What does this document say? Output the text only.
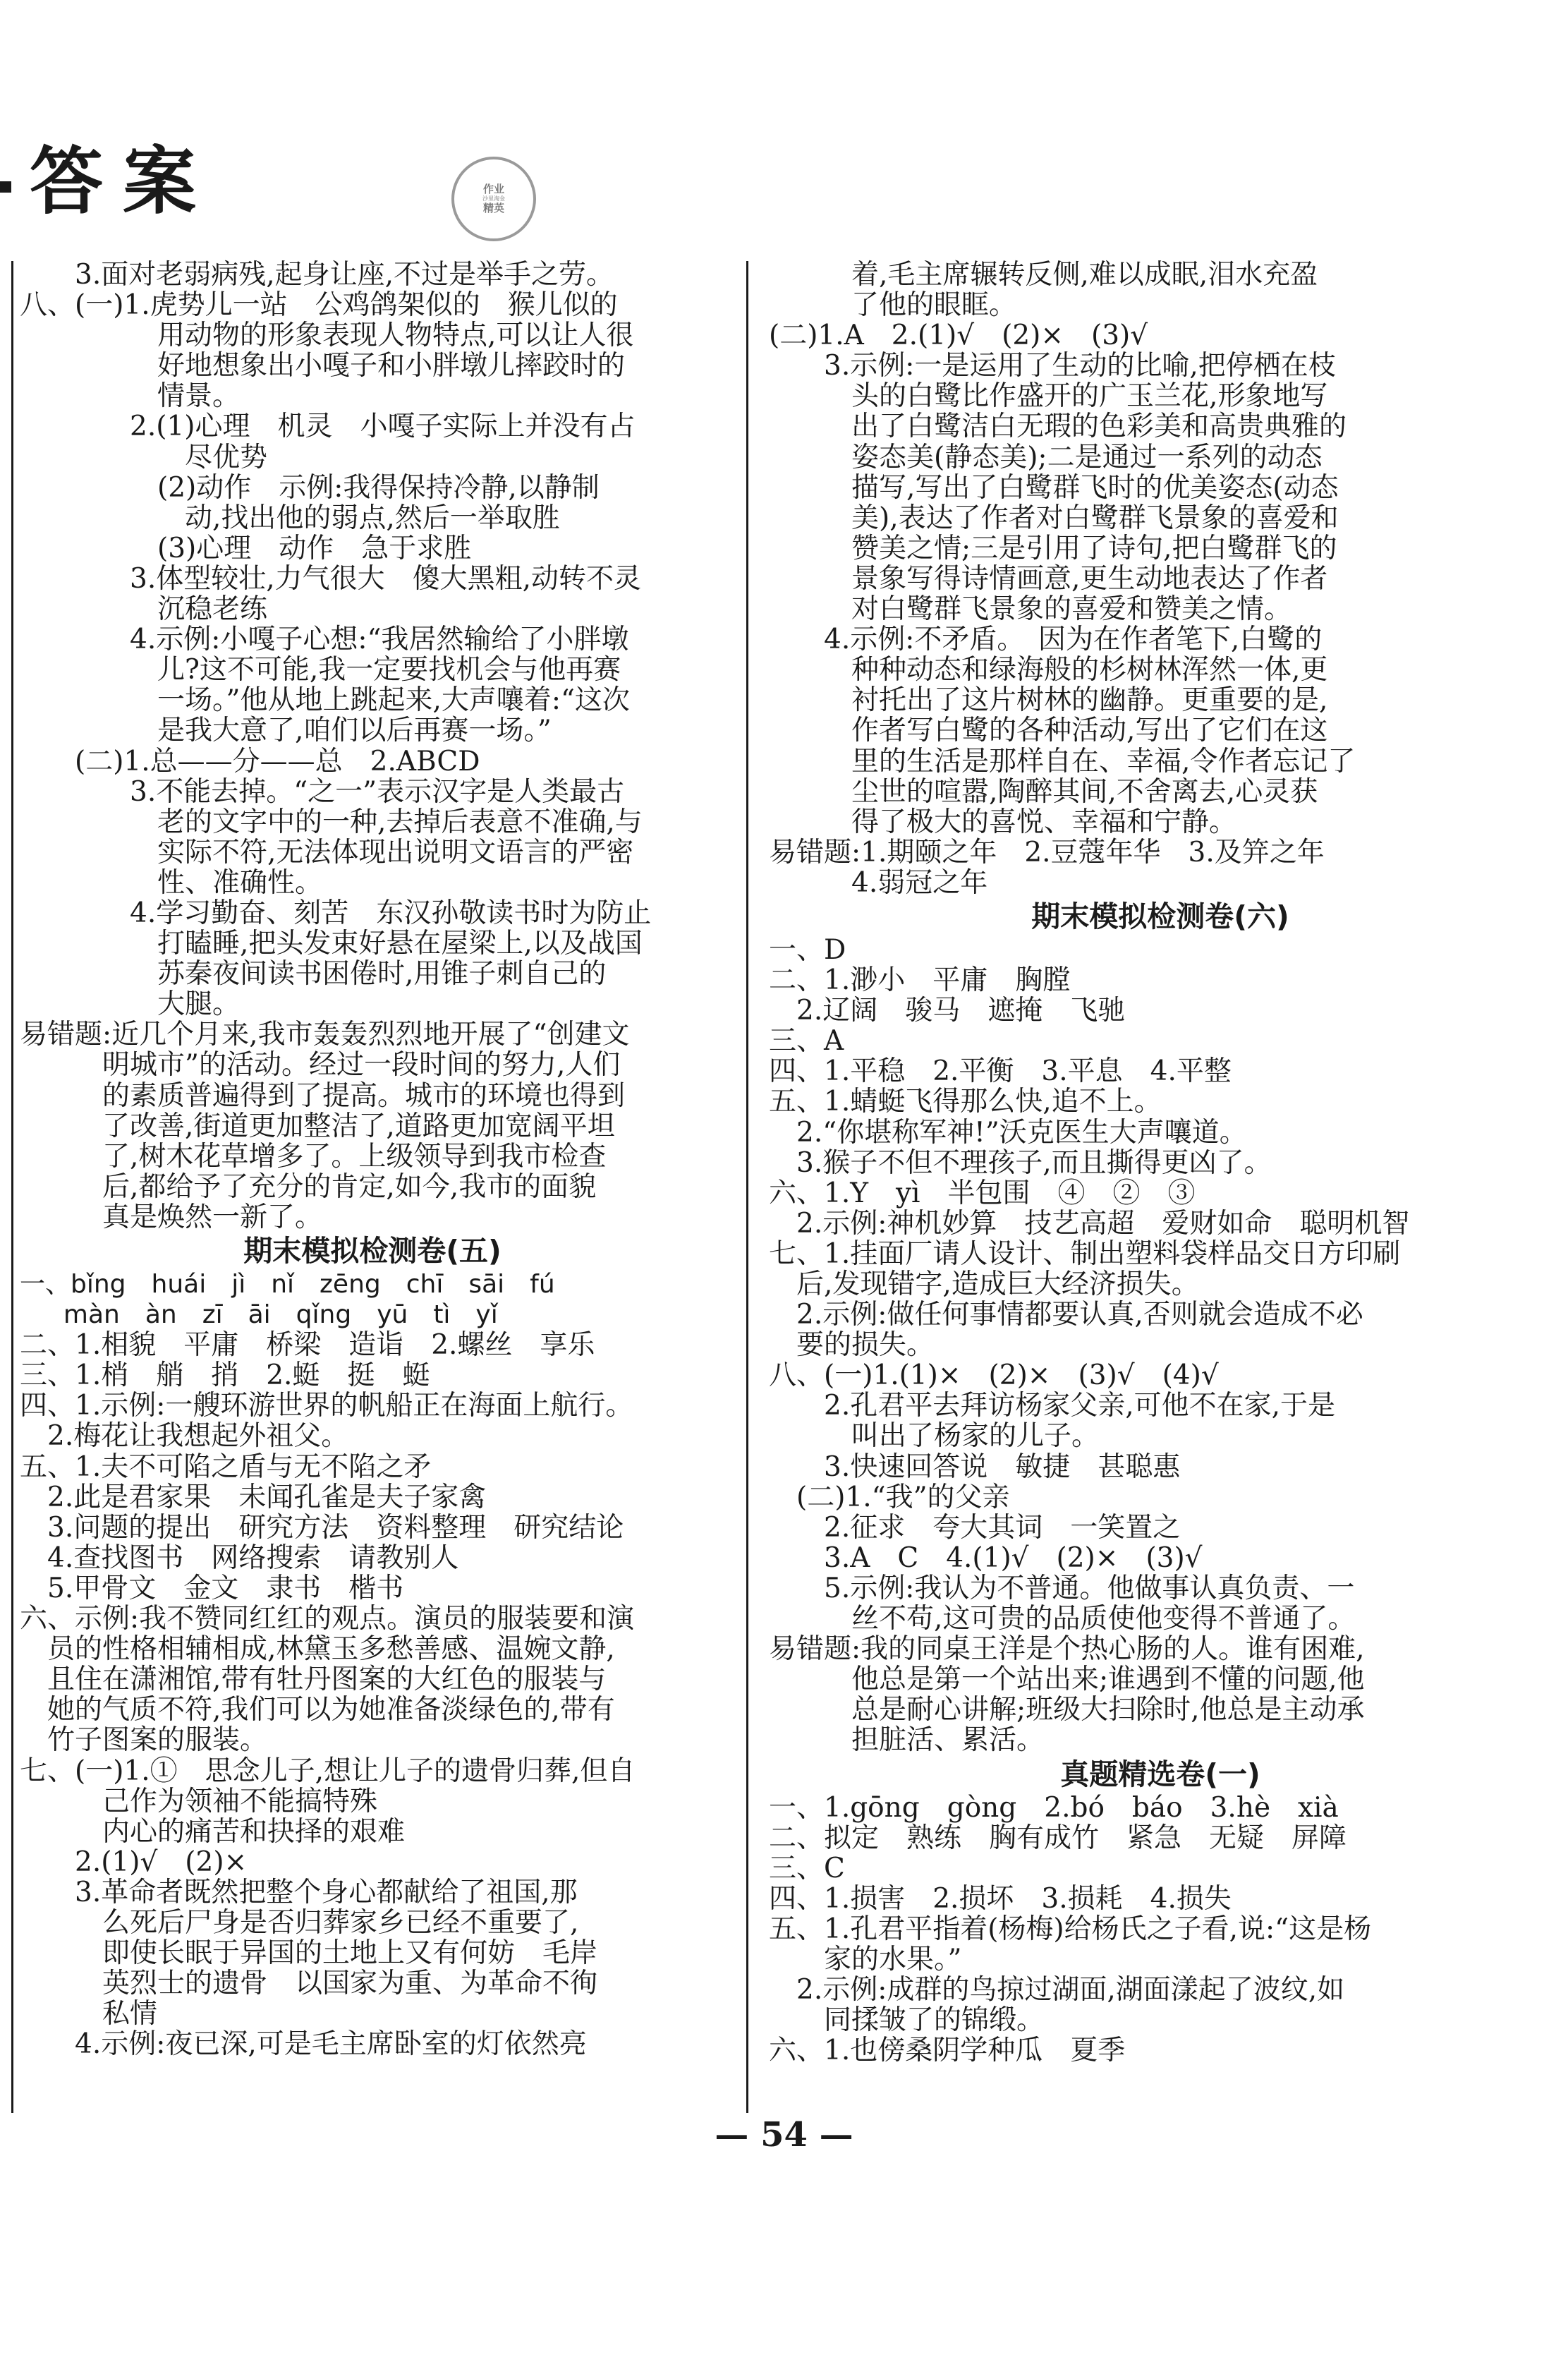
答案	作业
沙里淘金
精英
3.面对老弱病残,起身让座,不过是举手之劳。
八、(一)1.虎势儿一站　公鸡鸽架似的　猴儿似的
用动物的形象表现人物特点,可以让人很
好地想象出小嘎子和小胖墩儿摔跤时的
情景。
2.(1)心理　机灵　小嘎子实际上并没有占
尽优势
(2)动作　示例:我得保持冷静,以静制
动,找出他的弱点,然后一举取胜
(3)心理　动作　急于求胜
3.体型较壮,力气很大　傻大黑粗,动转不灵
沉稳老练
4.示例:小嘎子心想:“我居然输给了小胖墩
儿?这不可能,我一定要找机会与他再赛
一场。”他从地上跳起来,大声嚷着:“这次
是我大意了,咱们以后再赛一场。”
(二)1.总——分——总　2.ABCD
3.不能去掉。“之一”表示汉字是人类最古
老的文字中的一种,去掉后表意不准确,与
实际不符,无法体现出说明文语言的严密
性、准确性。
4.学习勤奋、刻苦　东汉孙敬读书时为防止
打瞌睡,把头发束好悬在屋梁上,以及战国
苏秦夜间读书困倦时,用锥子刺自己的
大腿。
易错题:近几个月来,我市轰轰烈烈地开展了“创建文
明城市”的活动。经过一段时间的努力,人们
的素质普遍得到了提高。城市的环境也得到
了改善,街道更加整洁了,道路更加宽阔平坦
了,树木花草增多了。上级领导到我市检查
后,都给予了充分的肯定,如今,我市的面貌
真是焕然一新了。
期末模拟检测卷(五)
一、bǐng　huái　jì　nǐ　zēng　chī　sāi　fú
màn　àn　zī　āi　qǐng　yū　tì　yǐ
二、1.相貌　平庸　桥梁　造诣　2.螺丝　享乐
三、1.梢　艄　捎　2.蜓　挺　蜓
四、1.示例:一艘环游世界的帆船正在海面上航行。
2.梅花让我想起外祖父。
五、1.夫不可陷之盾与无不陷之矛
2.此是君家果　未闻孔雀是夫子家禽
3.问题的提出　研究方法　资料整理　研究结论
4.查找图书　网络搜索　请教别人
5.甲骨文　金文　隶书　楷书
六、示例:我不赞同红红的观点。演员的服装要和演
员的性格相辅相成,林黛玉多愁善感、温婉文静,
且住在潇湘馆,带有牡丹图案的大红色的服装与
她的气质不符,我们可以为她准备淡绿色的,带有
竹子图案的服装。
七、(一)1.①　思念儿子,想让儿子的遗骨归葬,但自
己作为领袖不能搞特殊
内心的痛苦和抉择的艰难
2.(1)√　(2)×
3.革命者既然把整个身心都献给了祖国,那
么死后尸身是否归葬家乡已经不重要了,
即使长眠于异国的土地上又有何妨　毛岸
英烈士的遗骨　以国家为重、为革命不徇
私情
4.示例:夜已深,可是毛主席卧室的灯依然亮
着,毛主席辗转反侧,难以成眠,泪水充盈
了他的眼眶。
(二)1.A　2.(1)√　(2)×　(3)√
3.示例:一是运用了生动的比喻,把停栖在枝
头的白鹭比作盛开的广玉兰花,形象地写
出了白鹭洁白无瑕的色彩美和高贵典雅的
姿态美(静态美);二是通过一系列的动态
描写,写出了白鹭群飞时的优美姿态(动态
美),表达了作者对白鹭群飞景象的喜爱和
赞美之情;三是引用了诗句,把白鹭群飞的
景象写得诗情画意,更生动地表达了作者
对白鹭群飞景象的喜爱和赞美之情。
4.示例:不矛盾。　因为在作者笔下,白鹭的
种种动态和绿海般的杉树林浑然一体,更
衬托出了这片树林的幽静。更重要的是,
作者写白鹭的各种活动,写出了它们在这
里的生活是那样自在、幸福,令作者忘记了
尘世的喧嚣,陶醉其间,不舍离去,心灵获
得了极大的喜悦、幸福和宁静。
易错题:1.期颐之年　2.豆蔻年华　3.及笄之年
4.弱冠之年
期末模拟检测卷(六)
一、D
二、1.渺小　平庸　胸膛
2.辽阔　骏马　遮掩　飞驰
三、A
四、1.平稳　2.平衡　3.平息　4.平整
五、1.蜻蜓飞得那么快,追不上。
2.“你堪称军神!”沃克医生大声嚷道。
3.猴子不但不理孩子,而且撕得更凶了。
六、1.Y　yì　半包围　④　②　③
2.示例:神机妙算　技艺高超　爱财如命　聪明机智
七、1.挂面厂请人设计、制出塑料袋样品交日方印刷
后,发现错字,造成巨大经济损失。
2.示例:做任何事情都要认真,否则就会造成不必
要的损失。
八、(一)1.(1)×　(2)×　(3)√　(4)√
2.孔君平去拜访杨家父亲,可他不在家,于是
叫出了杨家的儿子。
3.快速回答说　敏捷　甚聪惠
(二)1.“我”的父亲
2.征求　夸大其词　一笑置之
3.A　C　4.(1)√　(2)×　(3)√
5.示例:我认为不普通。他做事认真负责、一
丝不苟,这可贵的品质使他变得不普通了。
易错题:我的同桌王洋是个热心肠的人。谁有困难,
他总是第一个站出来;谁遇到不懂的问题,他
总是耐心讲解;班级大扫除时,他总是主动承
担脏活、累活。
真题精选卷(一)
一、1.gōng　gòng　2.bó　báo　3.hè　xià
二、拟定　熟练　胸有成竹　紧急　无疑　屏障
三、C
四、1.损害　2.损坏　3.损耗　4.损失
五、1.孔君平指着(杨梅)给杨氏之子看,说:“这是杨
家的水果。”
2.示例:成群的鸟掠过湖面,湖面漾起了波纹,如
同揉皱了的锦缎。
六、1.也傍桑阴学种瓜　夏季
— 54 —
